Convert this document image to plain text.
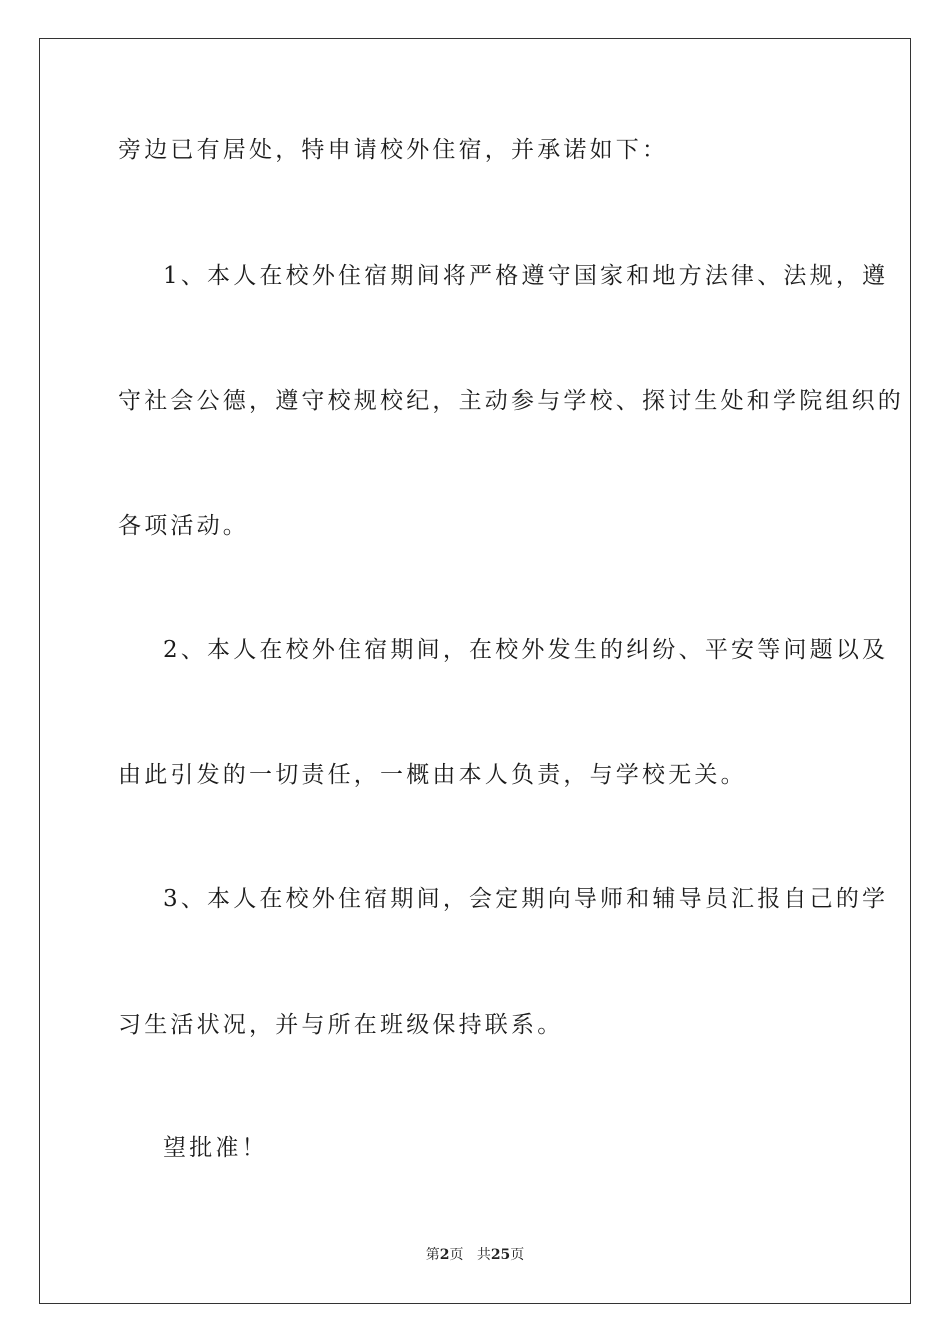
旁边已有居处，特申请校外住宿，并承诺如下：
1、本人在校外住宿期间将严格遵守国家和地方法律、法规，遵
守社会公德，遵守校规校纪，主动参与学校、探讨生处和学院组织的
各项活动。
2、本人在校外住宿期间，在校外发生的纠纷、平安等问题以及
由此引发的一切责任，一概由本人负责，与学校无关。
3、本人在校外住宿期间，会定期向导师和辅导员汇报自己的学
习生活状况，并与所在班级保持联系。
望批准！
第2页 共25页
